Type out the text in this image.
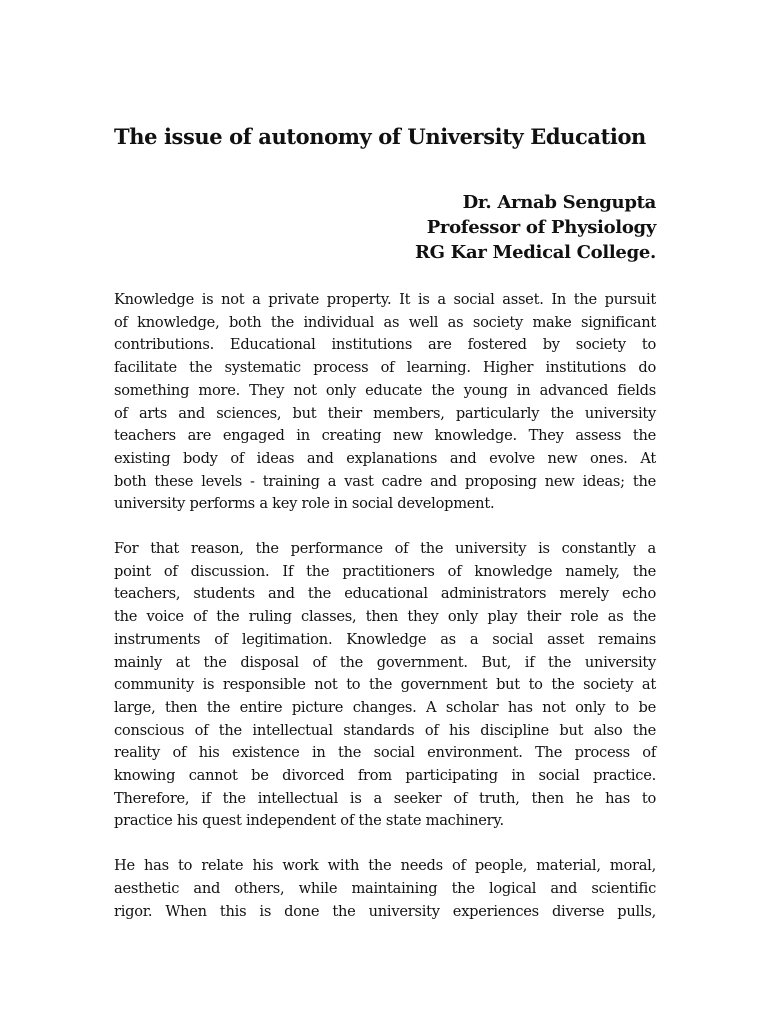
The issue of autonomy of University Education
Dr. Arnab Sengupta
Professor of Physiology
RG Kar Medical College.
Knowledge is not a private property. It is a social asset. In the pursuit
of knowledge, both the individual as well as society make significant
contributions. Educational institutions are fostered by society to
facilitate the systematic process of learning. Higher institutions do
something more. They not only educate the young in advanced fields
of arts and sciences, but their members, particularly the university
teachers are engaged in creating new knowledge. They assess the
existing body of ideas and explanations and evolve new ones. At
both these levels - training a vast cadre and proposing new ideas; the
university performs a key role in social development.
For that reason, the performance of the university is constantly a
point of discussion. If the practitioners of knowledge namely, the
teachers, students and the educational administrators merely echo
the voice of the ruling classes, then they only play their role as the
instruments of legitimation. Knowledge as a social asset remains
mainly at the disposal of the government. But, if the university
community is responsible not to the government but to the society at
large, then the entire picture changes. A scholar has not only to be
conscious of the intellectual standards of his discipline but also the
reality of his existence in the social environment. The process of
knowing cannot be divorced from participating in social practice.
Therefore, if the intellectual is a seeker of truth, then he has to
practice his quest independent of the state machinery.
He has to relate his work with the needs of people, material, moral,
aesthetic and others, while maintaining the logical and scientific
rigor. When this is done the university experiences diverse pulls,
